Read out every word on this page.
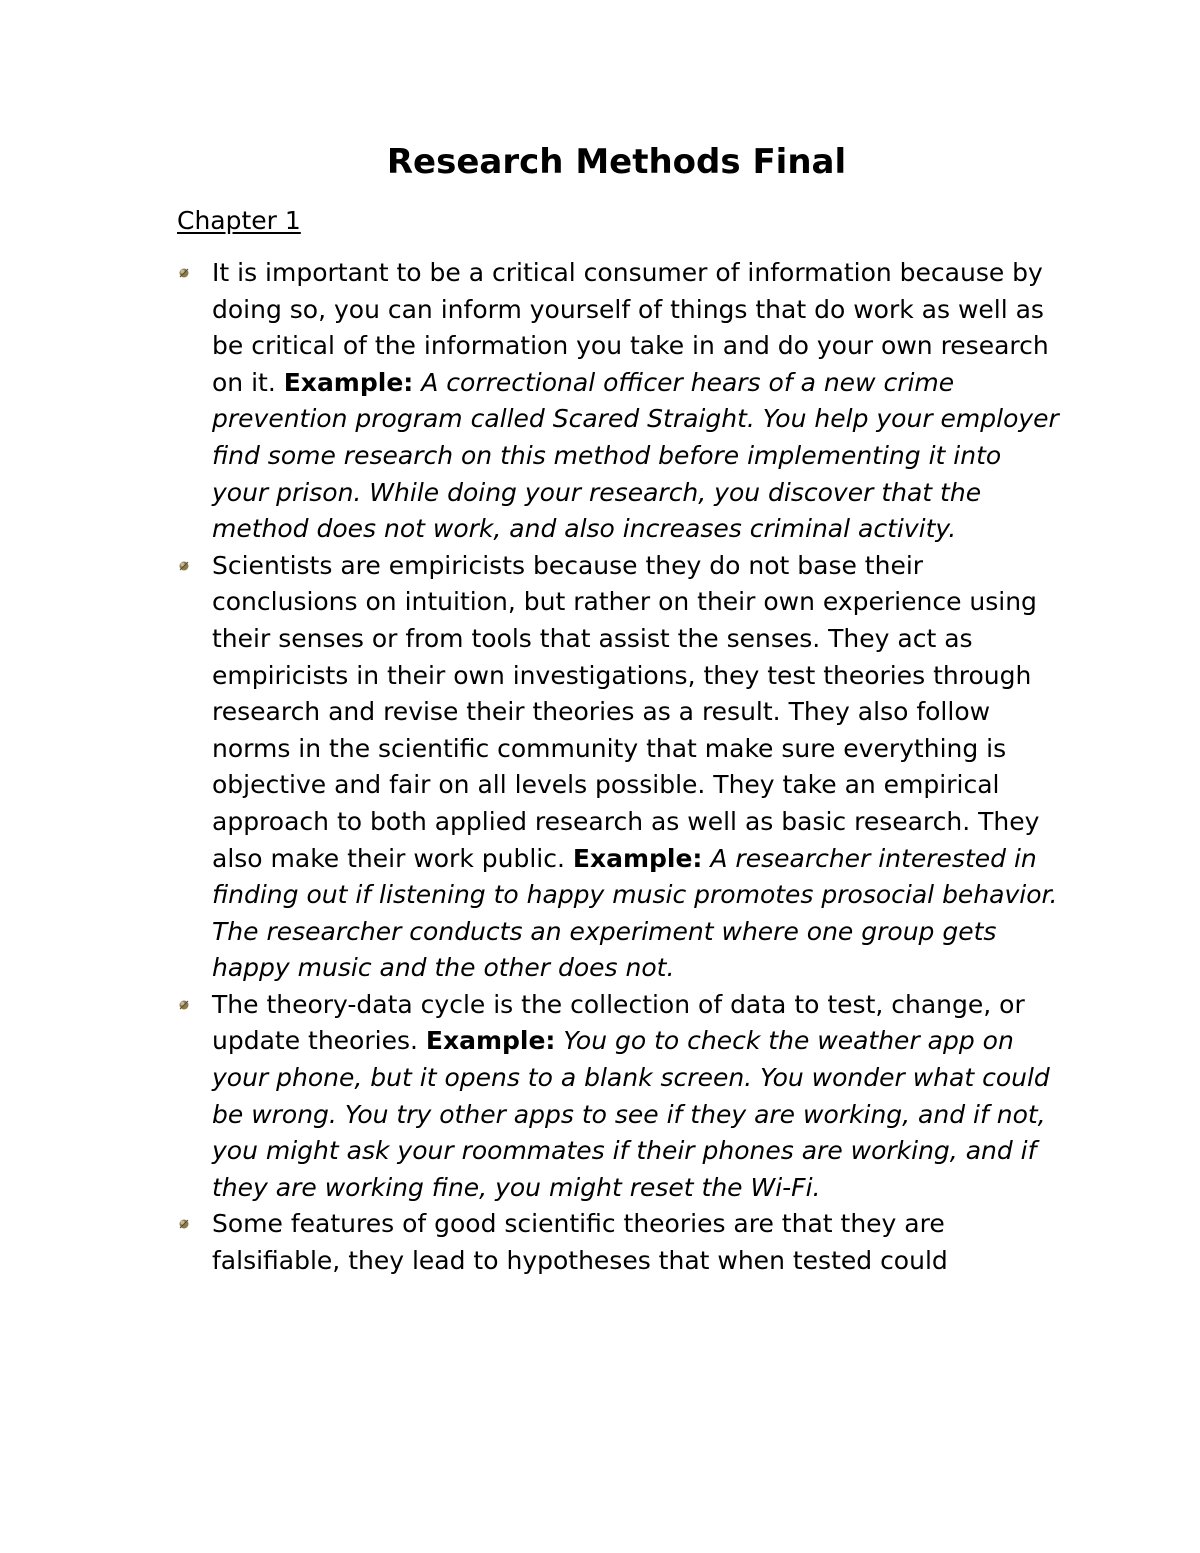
Research Methods Final
Chapter 1
It is important to be a critical consumer of information because by doing so, you can inform yourself of things that do work as well as be critical of the information you take in and do your own research on it. Example: A correctional officer hears of a new crime prevention program called Scared Straight. You help your employer find some research on this method before implementing it into your prison. While doing your research, you discover that the method does not work, and also increases criminal activity.
Scientists are empiricists because they do not base their conclusions on intuition, but rather on their own experience using their senses or from tools that assist the senses. They act as empiricists in their own investigations, they test theories through research and revise their theories as a result. They also follow norms in the scientific community that make sure everything is objective and fair on all levels possible. They take an empirical approach to both applied research as well as basic research. They also make their work public. Example: A researcher interested in finding out if listening to happy music promotes prosocial behavior. The researcher conducts an experiment where one group gets happy music and the other does not.
The theory-data cycle is the collection of data to test, change, or update theories. Example: You go to check the weather app on your phone, but it opens to a blank screen. You wonder what could be wrong. You try other apps to see if they are working, and if not, you might ask your roommates if their phones are working, and if they are working fine, you might reset the Wi-Fi.
Some features of good scientific theories are that they are falsifiable, they lead to hypotheses that when tested could
